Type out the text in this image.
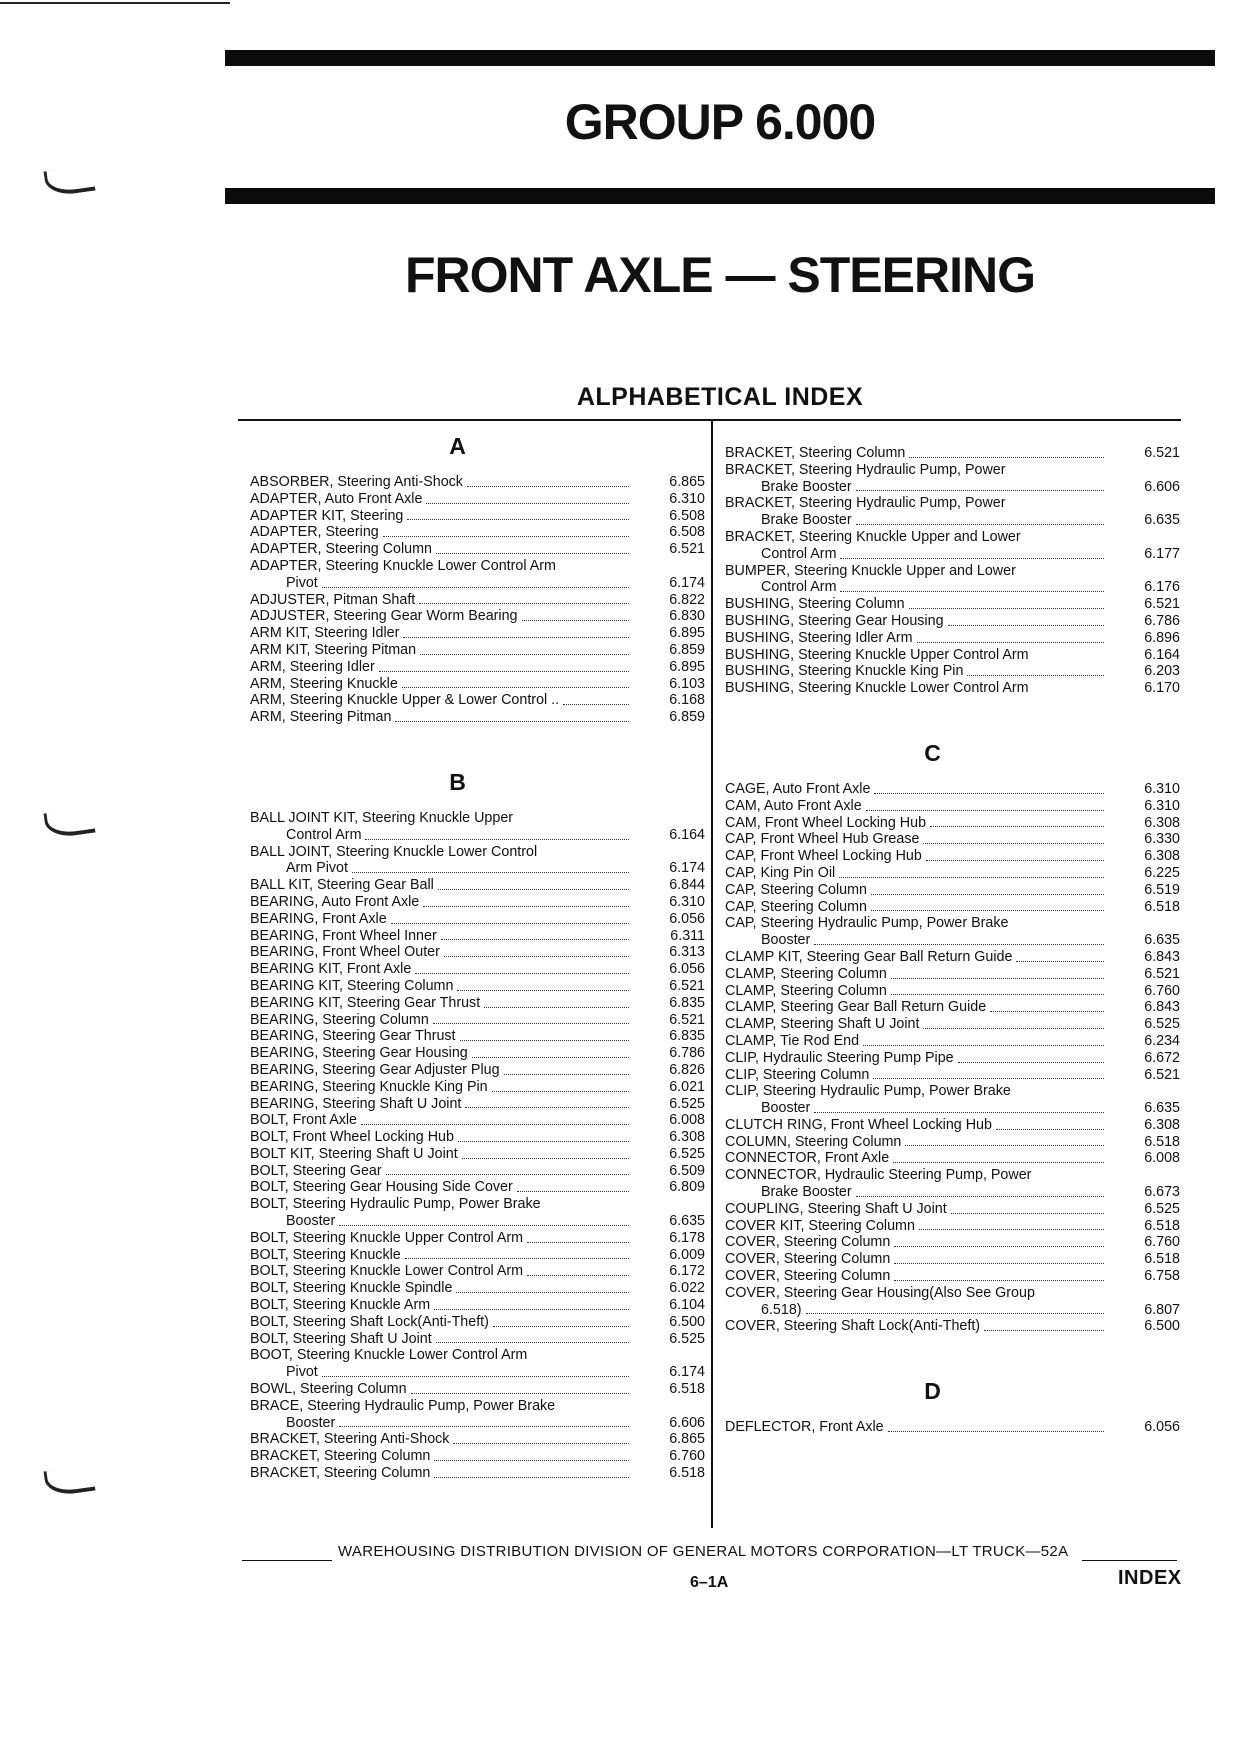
GROUP 6.000
FRONT AXLE — STEERING
ALPHABETICAL INDEX
A
ABSORBER, Steering Anti-Shock	6.865
ADAPTER, Auto Front Axle	6.310
ADAPTER KIT, Steering	6.508
ADAPTER, Steering	6.508
ADAPTER, Steering Column	6.521
ADAPTER, Steering Knuckle Lower Control Arm
Pivot	6.174
ADJUSTER, Pitman Shaft	6.822
ADJUSTER, Steering Gear Worm Bearing	6.830
ARM KIT, Steering Idler	6.895
ARM KIT, Steering Pitman	6.859
ARM, Steering Idler	6.895
ARM, Steering Knuckle	6.103
ARM, Steering Knuckle Upper & Lower Control ..	6.168
ARM, Steering Pitman	6.859
B
BALL JOINT KIT, Steering Knuckle Upper
Control Arm	6.164
BALL JOINT, Steering Knuckle Lower Control
Arm Pivot	6.174
BALL KIT, Steering Gear Ball	6.844
BEARING, Auto Front Axle	6.310
BEARING, Front Axle	6.056
BEARING, Front Wheel Inner	6.311
BEARING, Front Wheel Outer	6.313
BEARING KIT, Front Axle	6.056
BEARING KIT, Steering Column	6.521
BEARING KIT, Steering Gear Thrust	6.835
BEARING, Steering Column	6.521
BEARING, Steering Gear Thrust	6.835
BEARING, Steering Gear Housing	6.786
BEARING, Steering Gear Adjuster Plug	6.826
BEARING, Steering Knuckle King Pin	6.021
BEARING, Steering Shaft U Joint	6.525
BOLT, Front Axle	6.008
BOLT, Front Wheel Locking Hub	6.308
BOLT KIT, Steering Shaft U Joint	6.525
BOLT, Steering Gear	6.509
BOLT, Steering Gear Housing Side Cover	6.809
BOLT, Steering Hydraulic Pump, Power Brake
Booster	6.635
BOLT, Steering Knuckle Upper Control Arm	6.178
BOLT, Steering Knuckle	6.009
BOLT, Steering Knuckle Lower Control Arm	6.172
BOLT, Steering Knuckle Spindle	6.022
BOLT, Steering Knuckle Arm	6.104
BOLT, Steering Shaft Lock(Anti-Theft)	6.500
BOLT, Steering Shaft U Joint	6.525
BOOT, Steering Knuckle Lower Control Arm
Pivot	6.174
BOWL, Steering Column	6.518
BRACE, Steering Hydraulic Pump, Power Brake
Booster	6.606
BRACKET, Steering Anti-Shock	6.865
BRACKET, Steering Column	6.760
BRACKET, Steering Column	6.518
BRACKET, Steering Column	6.521
BRACKET, Steering Hydraulic Pump, Power
Brake Booster	6.606
BRACKET, Steering Hydraulic Pump, Power
Brake Booster	6.635
BRACKET, Steering Knuckle Upper and Lower
Control Arm	6.177
BUMPER, Steering Knuckle Upper and Lower
Control Arm	6.176
BUSHING, Steering Column	6.521
BUSHING, Steering Gear Housing	6.786
BUSHING, Steering Idler Arm	6.896
BUSHING, Steering Knuckle Upper Control Arm	6.164
BUSHING, Steering Knuckle King Pin	6.203
BUSHING, Steering Knuckle Lower Control Arm	6.170
C
CAGE, Auto Front Axle	6.310
CAM, Auto Front Axle	6.310
CAM, Front Wheel Locking Hub	6.308
CAP, Front Wheel Hub Grease	6.330
CAP, Front Wheel Locking Hub	6.308
CAP, King Pin Oil	6.225
CAP, Steering Column	6.519
CAP, Steering Column	6.518
CAP, Steering Hydraulic Pump, Power Brake
Booster	6.635
CLAMP KIT, Steering Gear Ball Return Guide	6.843
CLAMP, Steering Column	6.521
CLAMP, Steering Column	6.760
CLAMP, Steering Gear Ball Return Guide	6.843
CLAMP, Steering Shaft U Joint	6.525
CLAMP, Tie Rod End	6.234
CLIP, Hydraulic Steering Pump Pipe	6.672
CLIP, Steering Column	6.521
CLIP, Steering Hydraulic Pump, Power Brake
Booster	6.635
CLUTCH RING, Front Wheel Locking Hub	6.308
COLUMN, Steering Column	6.518
CONNECTOR, Front Axle	6.008
CONNECTOR, Hydraulic Steering Pump, Power
Brake Booster	6.673
COUPLING, Steering Shaft U Joint	6.525
COVER KIT, Steering Column	6.518
COVER, Steering Column	6.760
COVER, Steering Column	6.518
COVER, Steering Column	6.758
COVER, Steering Gear Housing(Also See Group
6.518)	6.807
COVER, Steering Shaft Lock(Anti-Theft)	6.500
D
DEFLECTOR, Front Axle	6.056
WAREHOUSING DISTRIBUTION DIVISION OF GENERAL MOTORS CORPORATION—LT TRUCK—52A
6–1A	INDEX
